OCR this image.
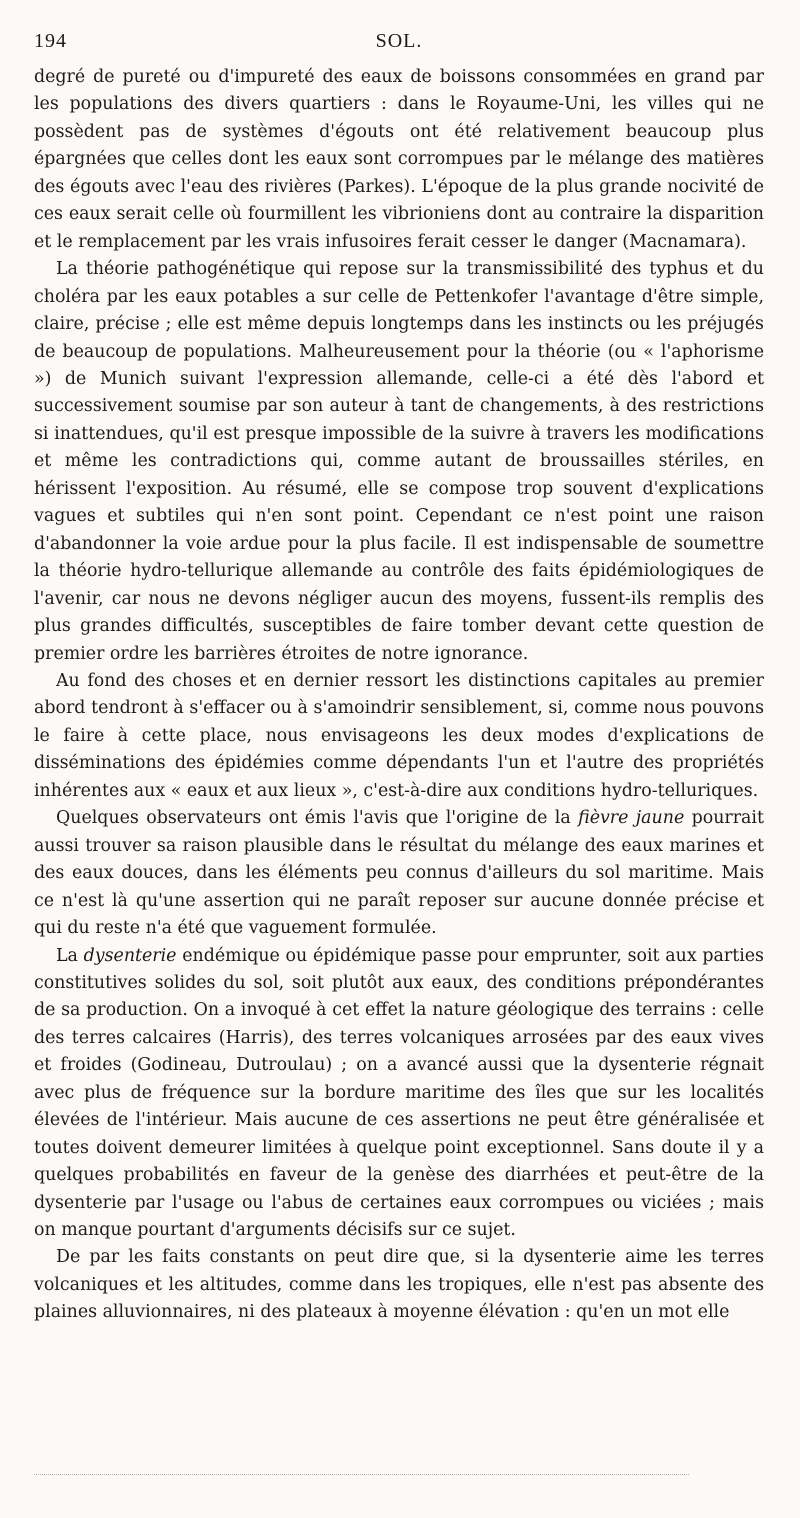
194	SOL.

degré de pureté ou d'impureté des eaux de boissons consommées en grand par les populations des divers quartiers : dans le Royaume-Uni, les villes qui ne possèdent pas de systèmes d'égouts ont été relativement beaucoup plus épargnées que celles dont les eaux sont corrompues par le mélange des matières des égouts avec l'eau des rivières (Parkes). L'époque de la plus grande nocivité de ces eaux serait celle où fourmillent les vibrioniens dont au contraire la disparition et le remplacement par les vrais infusoires ferait cesser le danger (Macnamara).

La théorie pathogénétique qui repose sur la transmissibilité des typhus et du choléra par les eaux potables a sur celle de Pettenkofer l'avantage d'être simple, claire, précise ; elle est même depuis longtemps dans les instincts ou les préjugés de beaucoup de populations. Malheureusement pour la théorie (ou « l'aphorisme ») de Munich suivant l'expression allemande, celle-ci a été dès l'abord et successivement soumise par son auteur à tant de changements, à des restrictions si inattendues, qu'il est presque impossible de la suivre à travers les modifications et même les contradictions qui, comme autant de broussailles stériles, en hérissent l'exposition. Au résumé, elle se compose trop souvent d'explications vagues et subtiles qui n'en sont point. Cependant ce n'est point une raison d'abandonner la voie ardue pour la plus facile. Il est indispensable de soumettre la théorie hydro-tellurique allemande au contrôle des faits épidémiologiques de l'avenir, car nous ne devons négliger aucun des moyens, fussent-ils remplis des plus grandes difficultés, susceptibles de faire tomber devant cette question de premier ordre les barrières étroites de notre ignorance.

Au fond des choses et en dernier ressort les distinctions capitales au premier abord tendront à s'effacer ou à s'amoindrir sensiblement, si, comme nous pouvons le faire à cette place, nous envisageons les deux modes d'explications de disséminations des épidémies comme dépendants l'un et l'autre des propriétés inhérentes aux « eaux et aux lieux », c'est-à-dire aux conditions hydro-telluriques.

Quelques observateurs ont émis l'avis que l'origine de la fièvre jaune pourrait aussi trouver sa raison plausible dans le résultat du mélange des eaux marines et des eaux douces, dans les éléments peu connus d'ailleurs du sol maritime. Mais ce n'est là qu'une assertion qui ne paraît reposer sur aucune donnée précise et qui du reste n'a été que vaguement formulée.

La dysenterie endémique ou épidémique passe pour emprunter, soit aux parties constitutives solides du sol, soit plutôt aux eaux, des conditions prépondérantes de sa production. On a invoqué à cet effet la nature géologique des terrains : celle des terres calcaires (Harris), des terres volcaniques arrosées par des eaux vives et froides (Godineau, Dutroulau) ; on a avancé aussi que la dysenterie régnait avec plus de fréquence sur la bordure maritime des îles que sur les localités élevées de l'intérieur. Mais aucune de ces assertions ne peut être généralisée et toutes doivent demeurer limitées à quelque point exceptionnel. Sans doute il y a quelques probabilités en faveur de la genèse des diarrhées et peut-être de la dysenterie par l'usage ou l'abus de certaines eaux corrompues ou viciées ; mais on manque pourtant d'arguments décisifs sur ce sujet.

De par les faits constants on peut dire que, si la dysenterie aime les terres volcaniques et les altitudes, comme dans les tropiques, elle n'est pas absente des plaines alluvionnaires, ni des plateaux à moyenne élévation : qu'en un mot elle
